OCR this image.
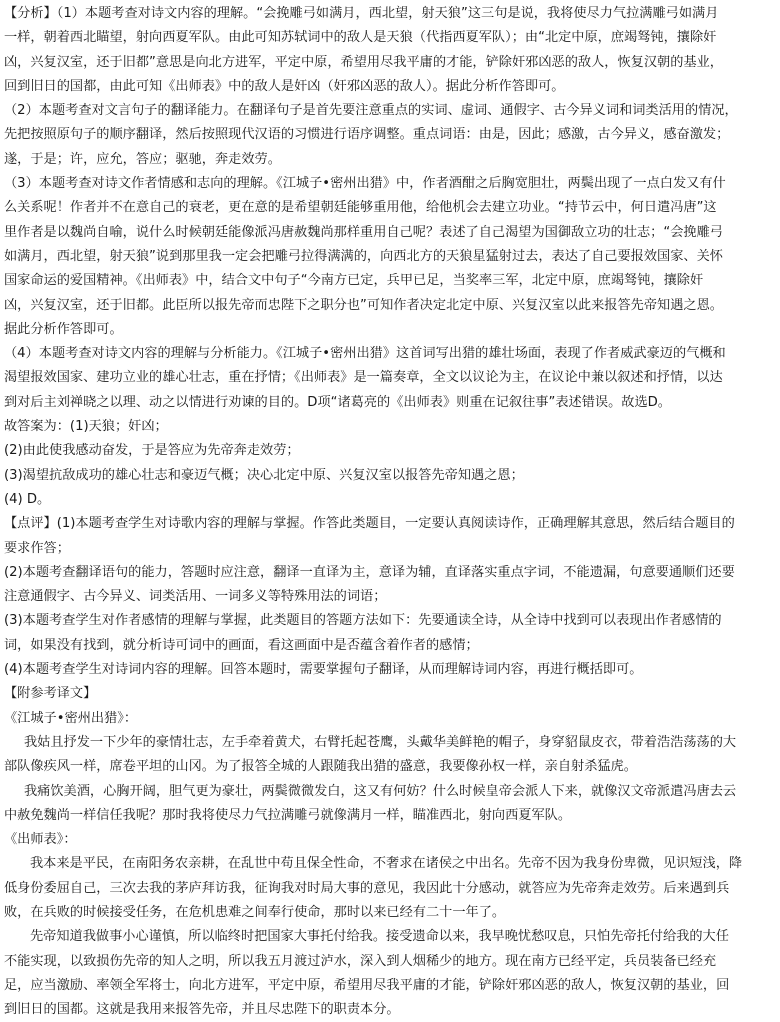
【分析】（1）本题考查对诗文内容的理解。“会挽雕弓如满月，西北望，射天狼”这三句是说，我将使尽力气拉满雕弓如满月
一样，朝着西北瞄望，射向西夏军队。由此可知苏轼词中的敌人是天狼（代指西夏军队）；由“北定中原，庶竭驽钝，攘除奸
凶，兴复汉室，还于旧都”意思是向北方进军，平定中原，希望用尽我平庸的才能，铲除奸邪凶恶的敌人，恢复汉朝的基业，
回到旧日的国都，由此可知《出师表》中的敌人是奸凶（奸邪凶恶的敌人）。据此分析作答即可。
（2）本题考查对文言句子的翻译能力。在翻译句子是首先要注意重点的实词、虚词、通假字、古今异义词和词类活用的情况，
先把按照原句子的顺序翻译，然后按照现代汉语的习惯进行语序调整。重点词语：由是，因此；感激，古今异义，感奋激发；
遂，于是；许，应允，答应；驱驰，奔走效劳。
（3）本题考查对诗文作者情感和志向的理解。《江城子•密州出猎》中，作者酒酣之后胸宽胆壮，两鬓出现了一点白发又有什
么关系呢！作者并不在意自己的衰老，更在意的是希望朝廷能够重用他，给他机会去建立功业。“持节云中，何日遣冯唐”这
里作者是以魏尚自喻，说什么时候朝廷能像派冯唐赦魏尚那样重用自己呢？表述了自己渴望为国御敌立功的壮志；“会挽雕弓
如满月，西北望，射天狼”说到那里我一定会把雕弓拉得满满的，向西北方的天狼星猛射过去，表达了自己要报效国家、关怀
国家命运的爱国精神。《出师表》中，结合文中句子“今南方已定，兵甲已足，当奖率三军，北定中原，庶竭驽钝，攘除奸
凶，兴复汉室，还于旧都。此臣所以报先帝而忠陛下之职分也”可知作者决定北定中原、兴复汉室以此来报答先帝知遇之恩。
据此分析作答即可。
（4）本题考查对诗文内容的理解与分析能力。《江城子•密州出猎》这首词写出猎的雄壮场面，表现了作者威武豪迈的气概和
渴望报效国家、建功立业的雄心壮志，重在抒情；《出师表》是一篇奏章，全文以议论为主，在议论中兼以叙述和抒情，以达
到对后主刘禅晓之以理、动之以情进行劝谏的目的。D项“诸葛亮的《出师表》则重在记叙往事”表述错误。故选D。
故答案为：(1)天狼；奸凶；
(2)由此使我感动奋发，于是答应为先帝奔走效劳；
(3)渴望抗敌成功的雄心壮志和豪迈气概；决心北定中原、兴复汉室以报答先帝知遇之恩；
(4) D。
【点评】(1)本题考查学生对诗歌内容的理解与掌握。作答此类题目，一定要认真阅读诗作，正确理解其意思，然后结合题目的
要求作答；
(2)本题考查翻译语句的能力，答题时应注意，翻译一直译为主，意译为辅，直译落实重点字词，不能遗漏，句意要通顺们还要
注意通假字、古今异义、词类活用、一词多义等特殊用法的词语；
(3)本题考查学生对作者感情的理解与掌握，此类题目的答题方法如下：先要通读全诗，从全诗中找到可以表现出作者感情的
词，如果没有找到，就分析诗可词中的画面，看这画面中是否蕴含着作者的感情；
(4)本题考查学生对诗词内容的理解。回答本题时，需要掌握句子翻译，从而理解诗词内容，再进行概括即可。
【附参考译文】
《江城子•密州出猎》：
我姑且抒发一下少年的豪情壮志，左手牵着黄犬，右臂托起苍鹰，头戴华美鲜艳的帽子，身穿貂鼠皮衣，带着浩浩荡荡的大
部队像疾风一样，席卷平坦的山冈。为了报答全城的人跟随我出猎的盛意，我要像孙权一样，亲自射杀猛虎。
我痛饮美酒，心胸开阔，胆气更为豪壮，两鬓微微发白，这又有何妨？什么时候皇帝会派人下来，就像汉文帝派遣冯唐去云
中赦免魏尚一样信任我呢？那时我将使尽力气拉满雕弓就像满月一样，瞄准西北，射向西夏军队。
《出师表》：
我本来是平民，在南阳务农亲耕，在乱世中苟且保全性命，不奢求在诸侯之中出名。先帝不因为我身份卑微，见识短浅，降
低身份委屈自己，三次去我的茅庐拜访我，征询我对时局大事的意见，我因此十分感动，就答应为先帝奔走效劳。后来遇到兵
败，在兵败的时候接受任务，在危机患难之间奉行使命，那时以来已经有二十一年了。
先帝知道我做事小心谨慎，所以临终时把国家大事托付给我。接受遗命以来，我早晚忧愁叹息，只怕先帝托付给我的大任
不能实现，以致损伤先帝的知人之明，所以我五月渡过泸水，深入到人烟稀少的地方。现在南方已经平定，兵员装备已经充
足，应当激励、率领全军将士，向北方进军，平定中原，希望用尽我平庸的才能，铲除奸邪凶恶的敌人，恢复汉朝的基业，回
到旧日的国都。这就是我用来报答先帝，并且尽忠陛下的职责本分。
